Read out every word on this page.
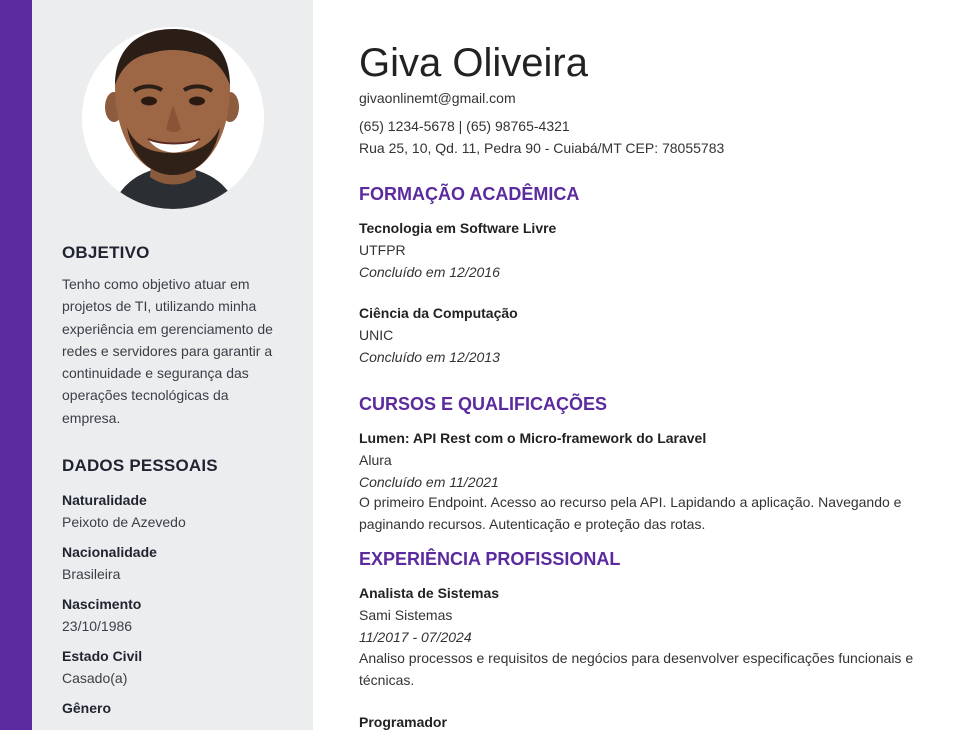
OBJETIVO
Tenho como objetivo atuar em projetos de TI, utilizando minha experiência em gerenciamento de redes e servidores para garantir a continuidade e segurança das operações tecnológicas da empresa.
DADOS PESSOAIS
Naturalidade
Peixoto de Azevedo
Nacionalidade
Brasileira
Nascimento
23/10/1986
Estado Civil
Casado(a)
Gênero
Giva Oliveira
givaonlinemt@gmail.com
(65) 1234-5678 | (65) 98765-4321
Rua 25, 10, Qd. 11, Pedra 90 - Cuiabá/MT CEP: 78055783
FORMAÇÃO ACADÊMICA
Tecnologia em Software Livre
UTFPR
Concluído em 12/2016
Ciência da Computação
UNIC
Concluído em 12/2013
CURSOS E QUALIFICAÇÕES
Lumen: API Rest com o Micro-framework do Laravel
Alura
Concluído em 11/2021
O primeiro Endpoint. Acesso ao recurso pela API. Lapidando a aplicação. Navegando e paginando recursos. Autenticação e proteção das rotas.
EXPERIÊNCIA PROFISSIONAL
Analista de Sistemas
Sami Sistemas
11/2017 - 07/2024
Analiso processos e requisitos de negócios para desenvolver especificações funcionais e técnicas.
Programador
